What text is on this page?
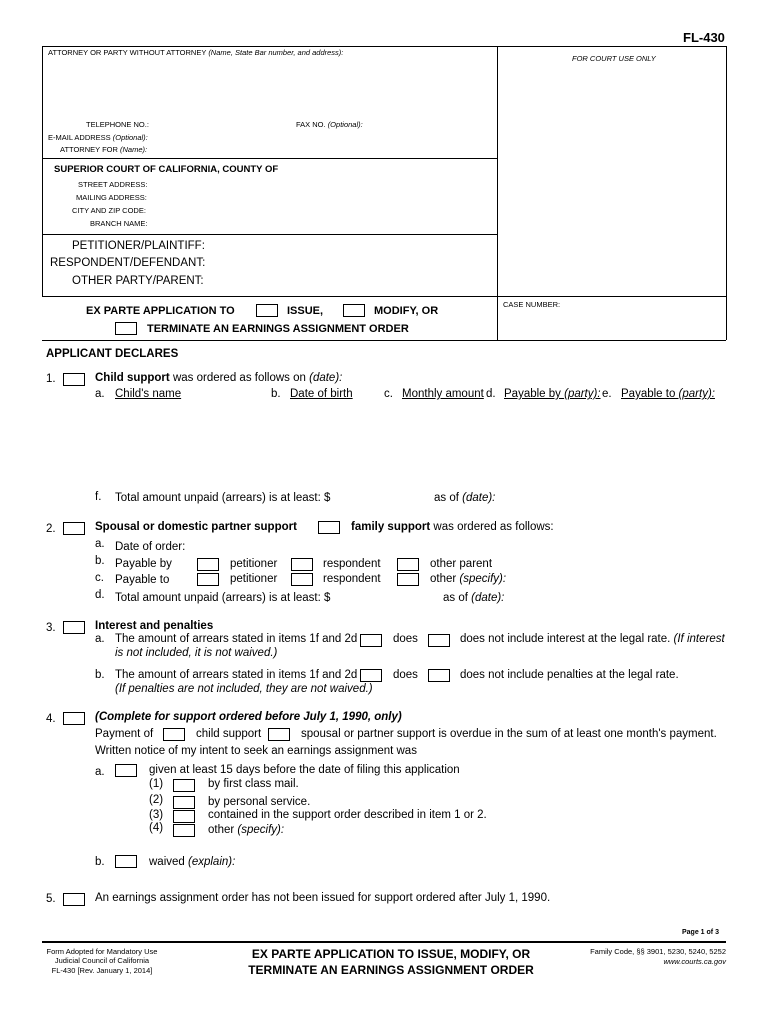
FL-430
ATTORNEY OR PARTY WITHOUT ATTORNEY (Name, State Bar number, and address):
FOR COURT USE ONLY
TELEPHONE NO.:	FAX NO. (Optional):
E-MAIL ADDRESS (Optional):
ATTORNEY FOR (Name):
SUPERIOR COURT OF CALIFORNIA, COUNTY OF
STREET ADDRESS:
MAILING ADDRESS:
CITY AND ZIP CODE:
BRANCH NAME:
PETITIONER/PLAINTIFF:
RESPONDENT/DEFENDANT:
OTHER PARTY/PARENT:
EX PARTE APPLICATION TO	ISSUE,	MODIFY, OR
TERMINATE AN EARNINGS ASSIGNMENT ORDER
CASE NUMBER:
APPLICANT DECLARES
1.	Child support was ordered as follows on (date):
a. Child's name	b. Date of birth	c. Monthly amount d. Payable by (party): e. Payable to (party):
f. Total amount unpaid (arrears) is at least: $	as of (date):
2.	Spousal or domestic partner support	family support was ordered as follows:
a. Date of order:
b. Payable by	petitioner	respondent	other parent
c. Payable to	petitioner	respondent	other (specify):
d. Total amount unpaid (arrears) is at least: $	as of (date):
3.	Interest and penalties
a. The amount of arrears stated in items 1f and 2d	does	does not include interest at the legal rate. (If interest
is not included, it is not waived.)
b. The amount of arrears stated in items 1f and 2d	does	does not include penalties at the legal rate.
(If penalties are not included, they are not waived.)
4.	(Complete for support ordered before July 1, 1990, only)
Payment of	child support	spousal or partner support is overdue in the sum of at least one month's payment.
Written notice of my intent to seek an earnings assignment was
a.	given at least 15 days before the date of filing this application
(1)	by first class mail.
(2)	by personal service.
(3)	contained in the support order described in item 1 or 2.
(4)	other (specify):
b.	waived (explain):
5.	An earnings assignment order has not been issued for support ordered after July 1, 1990.
Page 1 of 3
Form Adopted for Mandatory Use
Judicial Council of California
FL-430 [Rev. January 1, 2014]
EX PARTE APPLICATION TO ISSUE, MODIFY, OR
TERMINATE AN EARNINGS ASSIGNMENT ORDER
Family Code, §§ 3901, 5230, 5240, 5252
www.courts.ca.gov
